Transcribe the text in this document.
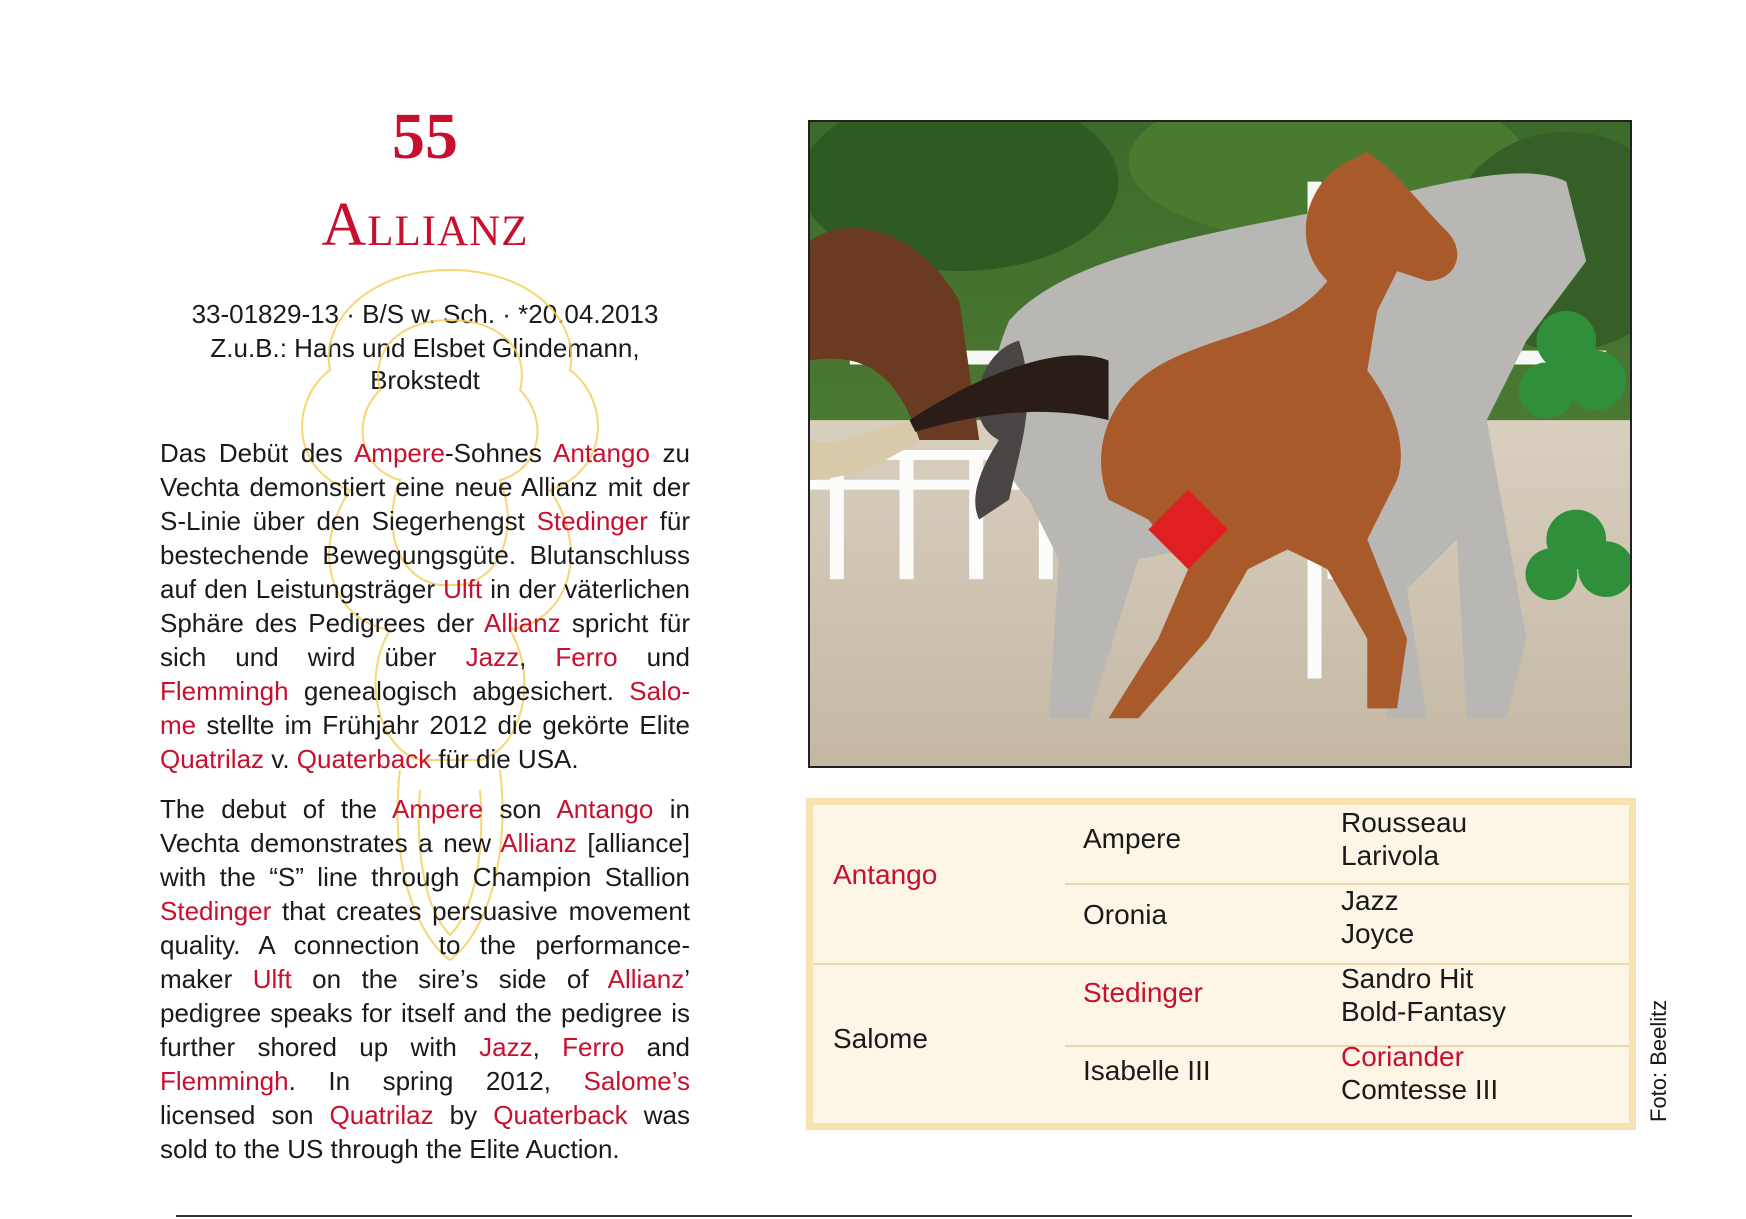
55
Allianz
33-01829-13 · B/S w. Sch. · *20.04.2013
Z.u.B.: Hans und Elsbet Glindemann, Brokstedt

Das Debüt des Ampere-Sohnes Antango zu Vechta demonstiert eine neue Allianz mit der S-Linie über den Siegerhengst Stedinger für bestechende Bewegungsgüte. Blutanschluss auf den Leistungsträger Ulft in der väterlichen Sphäre des Pedigrees der Allianz spricht für sich und wird über Jazz, Ferro und Flemmingh genealogisch abgesichert. Salome stellte im Frühjahr 2012 die gekörte Elite Quatrilaz v. Quaterback für die USA.

The debut of the Ampere son Antango in Vechta demonstrates a new Allianz [alliance] with the “S” line through Champion Stallion Stedinger that creates persuasive movement quality. A connection to the performance-maker Ulft on the sire’s side of Allianz’ pedigree speaks for itself and the pedigree is further shored up with Jazz, Ferro and Flemmingh. In spring 2012, Salome’s licensed son Quatrilaz by Quaterback was sold to the US through the Elite Auction.

Antango
Salome
Ampere
Oronia
Stedinger
Isabelle III
Rousseau
Larivola
Jazz
Joyce
Sandro Hit
Bold-Fantasy
Coriander
Comtesse III	Foto: Beelitz
